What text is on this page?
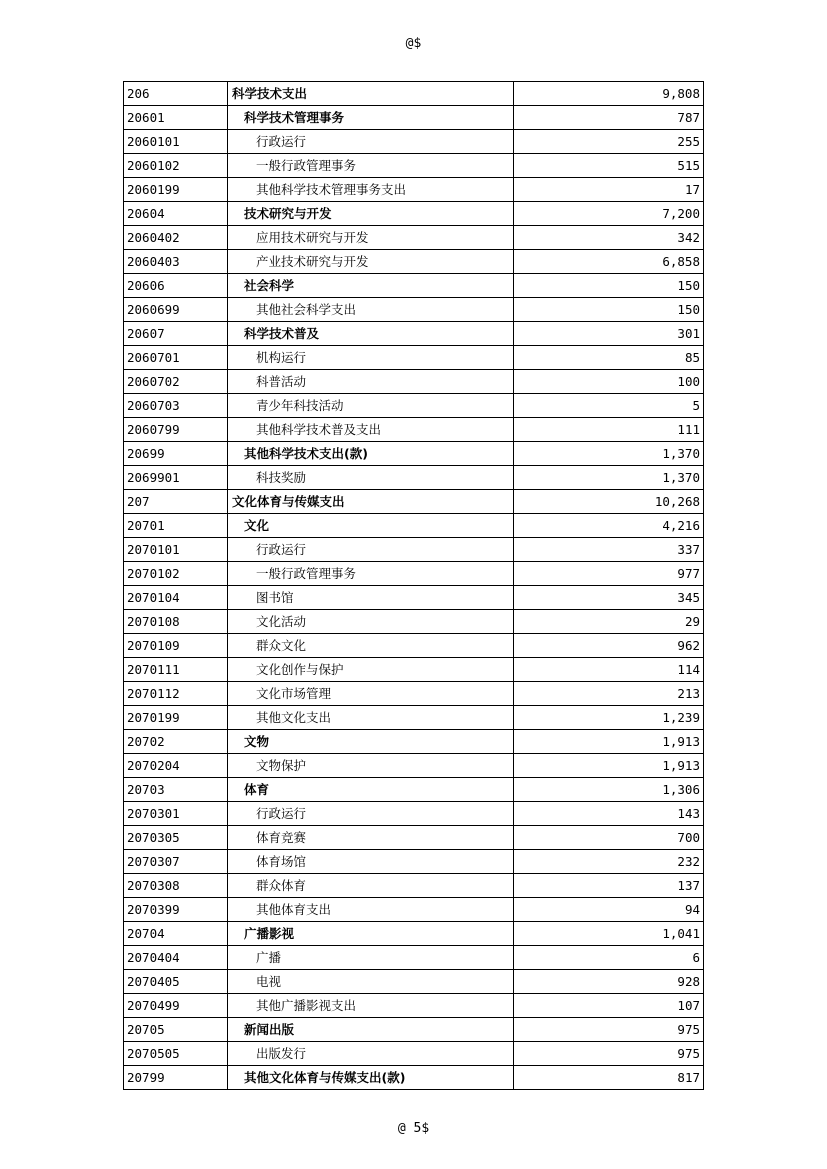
@$
206	科学技术支出	9,808
20601	科学技术管理事务	787
2060101	行政运行	255
2060102	一般行政管理事务	515
2060199	其他科学技术管理事务支出	17
20604	技术研究与开发	7,200
2060402	应用技术研究与开发	342
2060403	产业技术研究与开发	6,858
20606	社会科学	150
2060699	其他社会科学支出	150
20607	科学技术普及	301
2060701	机构运行	85
2060702	科普活动	100
2060703	青少年科技活动	5
2060799	其他科学技术普及支出	111
20699	其他科学技术支出(款)	1,370
2069901	科技奖励	1,370
207	文化体育与传媒支出	10,268
20701	文化	4,216
2070101	行政运行	337
2070102	一般行政管理事务	977
2070104	图书馆	345
2070108	文化活动	29
2070109	群众文化	962
2070111	文化创作与保护	114
2070112	文化市场管理	213
2070199	其他文化支出	1,239
20702	文物	1,913
2070204	文物保护	1,913
20703	体育	1,306
2070301	行政运行	143
2070305	体育竞赛	700
2070307	体育场馆	232
2070308	群众体育	137
2070399	其他体育支出	94
20704	广播影视	1,041
2070404	广播	6
2070405	电视	928
2070499	其他广播影视支出	107
20705	新闻出版	975
2070505	出版发行	975
20799	其他文化体育与传媒支出(款)	817
@ 5$
